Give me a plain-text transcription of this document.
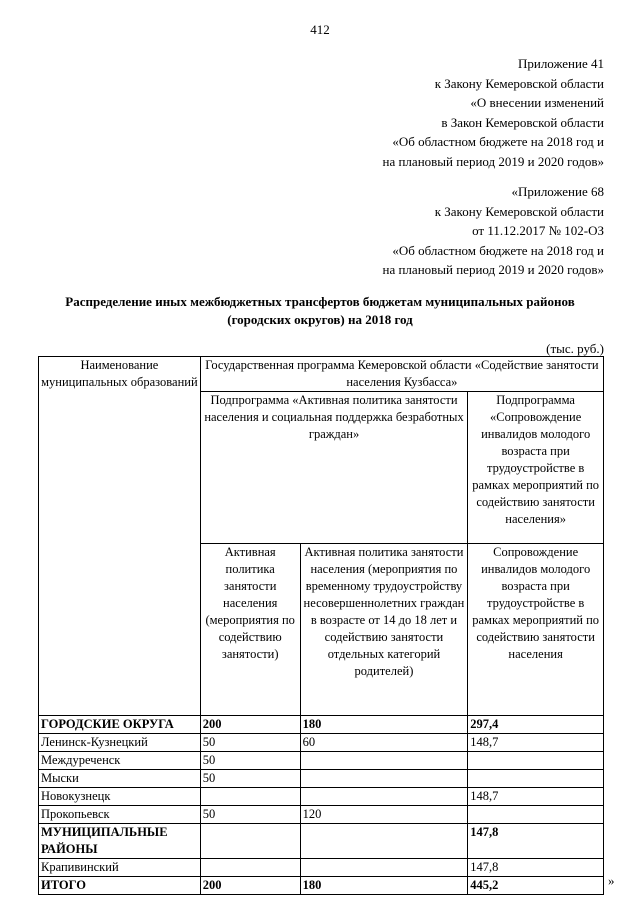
412
Приложение 41
к Закону Кемеровской области
«О внесении изменений
в Закон Кемеровской области
«Об областном бюджете на 2018 год и
на плановый период 2019 и 2020 годов»
«Приложение 68
к Закону Кемеровской области
от 11.12.2017 № 102-ОЗ
«Об областном бюджете на 2018 год и
на плановый период 2019 и 2020 годов»
Распределение иных межбюджетных трансфертов бюджетам муниципальных районов
(городских округов) на 2018 год
(тыс. руб.)
Наименование муниципальных образований	Государственная программа Кемеровской области «Содействие занятости населения Кузбасса»		
	Подпрограмма «Активная политика занятости населения и социальная поддержка безработных граждан»		Подпрограмма «Сопровождение инвалидов молодого возраста при трудоустройстве в рамках мероприятий по содействию занятости населения»
	Активная политика занятости населения (мероприятия по содействию занятости)	Активная политика занятости населения (мероприятия по временному трудоустройству несовершеннолетних граждан в возрасте от 14 до 18 лет и содействию занятости отдельных категорий родителей)	Сопровождение инвалидов молодого возраста при трудоустройстве в рамках мероприятий по содействию занятости населения
ГОРОДСКИЕ ОКРУГА	200	180	297,4
Ленинск-Кузнецкий	50	60	148,7
Междуреченск	50		
Мыски	50		
Новокузнецк			148,7
Прокопьевск	50	120	
МУНИЦИПАЛЬНЫЕ РАЙОНЫ			147,8
Крапивинский			147,8
ИТОГО	200	180	445,2	»
